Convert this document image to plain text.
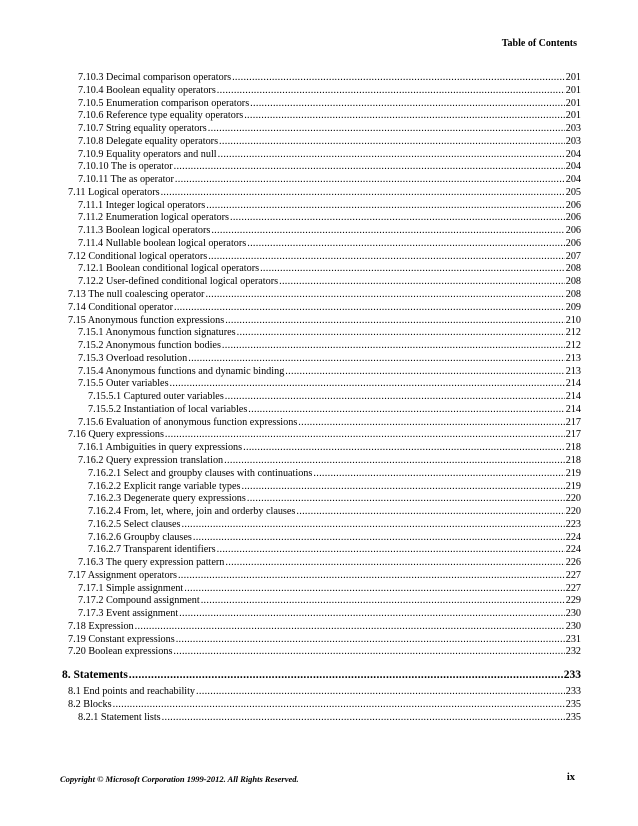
Table of Contents
7.10.3 Decimal comparison operators .....	201
7.10.4 Boolean equality operators .....	201
7.10.5 Enumeration comparison operators .....	201
7.10.6 Reference type equality operators .....	201
7.10.7 String equality operators .....	203
7.10.8 Delegate equality operators .....	203
7.10.9 Equality operators and null .....	204
7.10.10 The is operator .....	204
7.10.11 The as operator .....	204
7.11 Logical operators .....	205
7.11.1 Integer logical operators .....	206
7.11.2 Enumeration logical operators .....	206
7.11.3 Boolean logical operators .....	206
7.11.4 Nullable boolean logical operators .....	206
7.12 Conditional logical operators .....	207
7.12.1 Boolean conditional logical operators .....	208
7.12.2 User-defined conditional logical operators .....	208
7.13 The null coalescing operator .....	208
7.14 Conditional operator .....	209
7.15 Anonymous function expressions .....	210
7.15.1 Anonymous function signatures .....	212
7.15.2 Anonymous function bodies .....	212
7.15.3 Overload resolution .....	213
7.15.4 Anonymous functions and dynamic binding .....	213
7.15.5 Outer variables .....	214
7.15.5.1 Captured outer variables .....	214
7.15.5.2 Instantiation of local variables .....	214
7.15.6 Evaluation of anonymous function expressions .....	217
7.16 Query expressions .....	217
7.16.1 Ambiguities in query expressions .....	218
7.16.2 Query expression translation .....	218
7.16.2.1 Select and groupby clauses with continuations .....	219
7.16.2.2 Explicit range variable types .....	219
7.16.2.3 Degenerate query expressions .....	220
7.16.2.4 From, let, where, join and orderby clauses .....	220
7.16.2.5 Select clauses .....	223
7.16.2.6 Groupby clauses .....	224
7.16.2.7 Transparent identifiers .....	224
7.16.3 The query expression pattern .....	226
7.17 Assignment operators .....	227
7.17.1 Simple assignment .....	227
7.17.2 Compound assignment .....	229
7.17.3 Event assignment .....	230
7.18 Expression .....	230
7.19 Constant expressions .....	231
7.20 Boolean expressions .....	232
8. Statements .....	233
8.1 End points and reachability .....	233
8.2 Blocks .....	235
8.2.1 Statement lists .....	235
Copyright © Microsoft Corporation 1999-2012. All Rights Reserved.	ix
